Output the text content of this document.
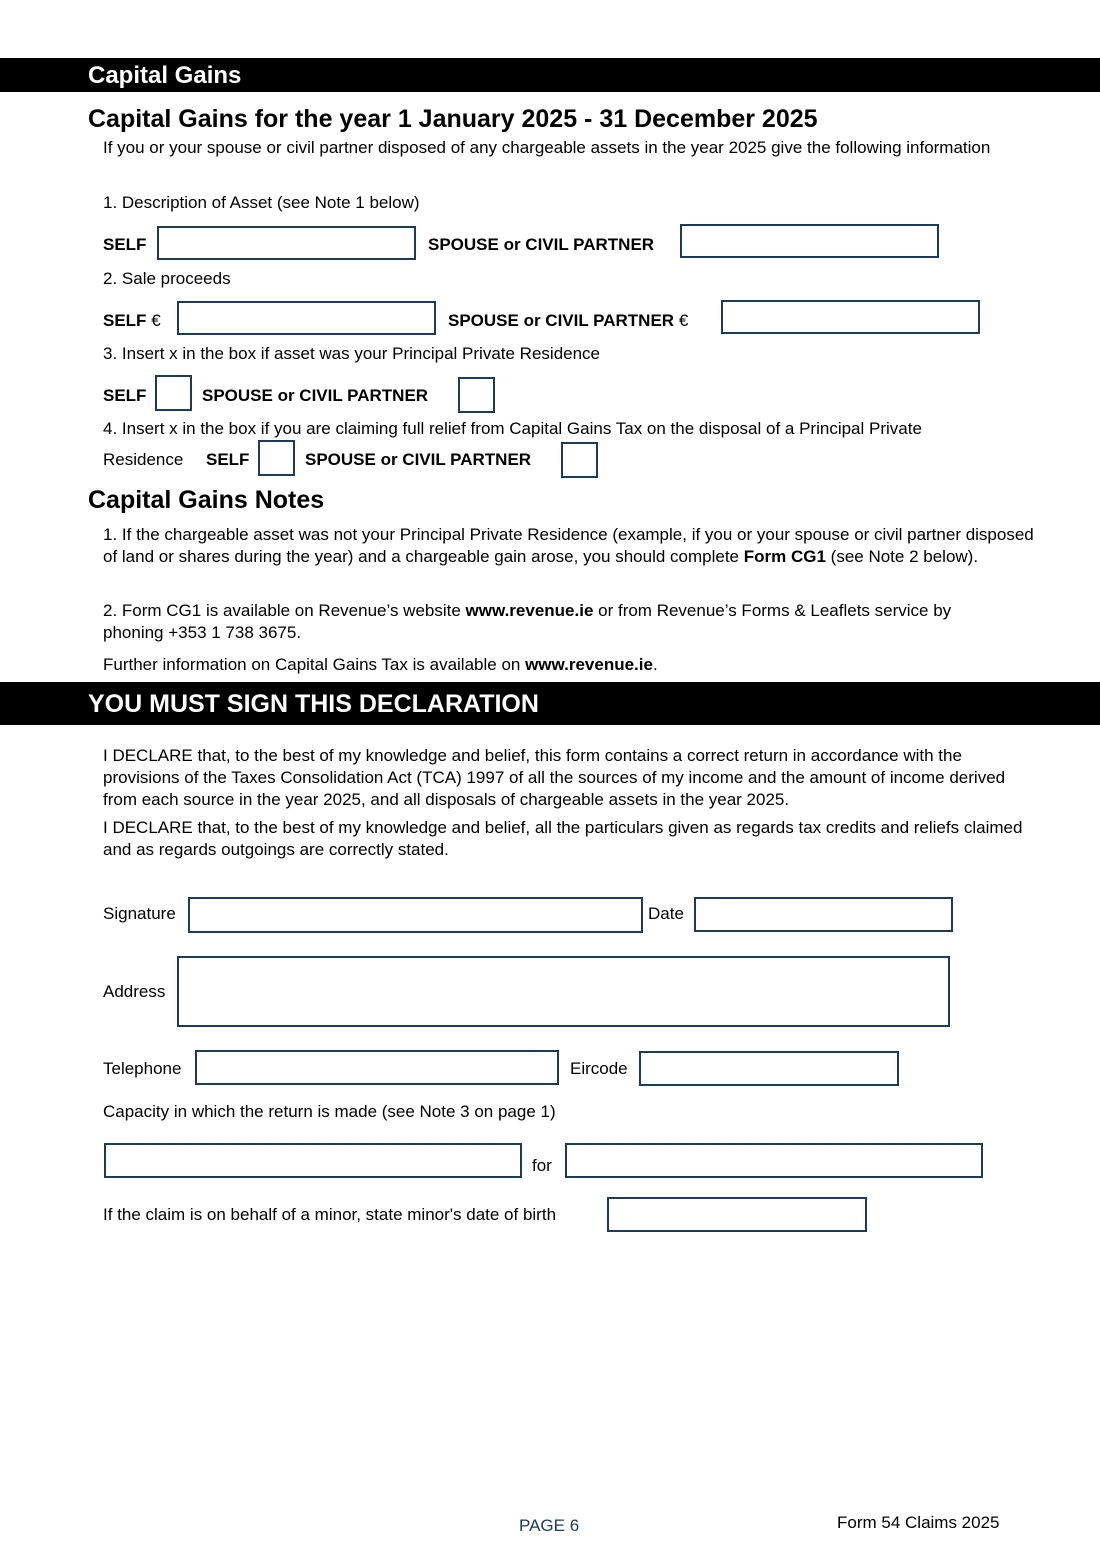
Capital Gains
Capital Gains for the year 1 January 2025 - 31 December 2025
If you or your spouse or civil partner disposed of any chargeable assets in the year 2025 give the following information
1. Description of Asset (see Note 1 below)
SELF	SPOUSE or CIVIL PARTNER
2. Sale proceeds
SELF €	SPOUSE or CIVIL PARTNER €
3. Insert x in the box if asset was your Principal Private Residence
SELF	SPOUSE or CIVIL PARTNER
4. Insert x in the box if you are claiming full relief from Capital Gains Tax on the disposal of a Principal Private
Residence SELF	SPOUSE or CIVIL PARTNER
Capital Gains Notes
1. If the chargeable asset was not your Principal Private Residence (example, if you or your spouse or civil partner disposed of land or shares during the year) and a chargeable gain arose, you should complete Form CG1 (see Note 2 below).
2. Form CG1 is available on Revenue’s website www.revenue.ie or from Revenue’s Forms & Leaflets service by phoning +353 1 738 3675.
Further information on Capital Gains Tax is available on www.revenue.ie.
YOU MUST SIGN THIS DECLARATION
I DECLARE that, to the best of my knowledge and belief, this form contains a correct return in accordance with the provisions of the Taxes Consolidation Act (TCA) 1997 of all the sources of my income and the amount of income derived from each source in the year 2025, and all disposals of chargeable assets in the year 2025.
I DECLARE that, to the best of my knowledge and belief, all the particulars given as regards tax credits and reliefs claimed and as regards outgoings are correctly stated.
Signature	Date
Address
Telephone	Eircode
Capacity in which the return is made (see Note 3 on page 1)
for
If the claim is on behalf of a minor, state minor's date of birth
PAGE 6	Form 54 Claims 2025
